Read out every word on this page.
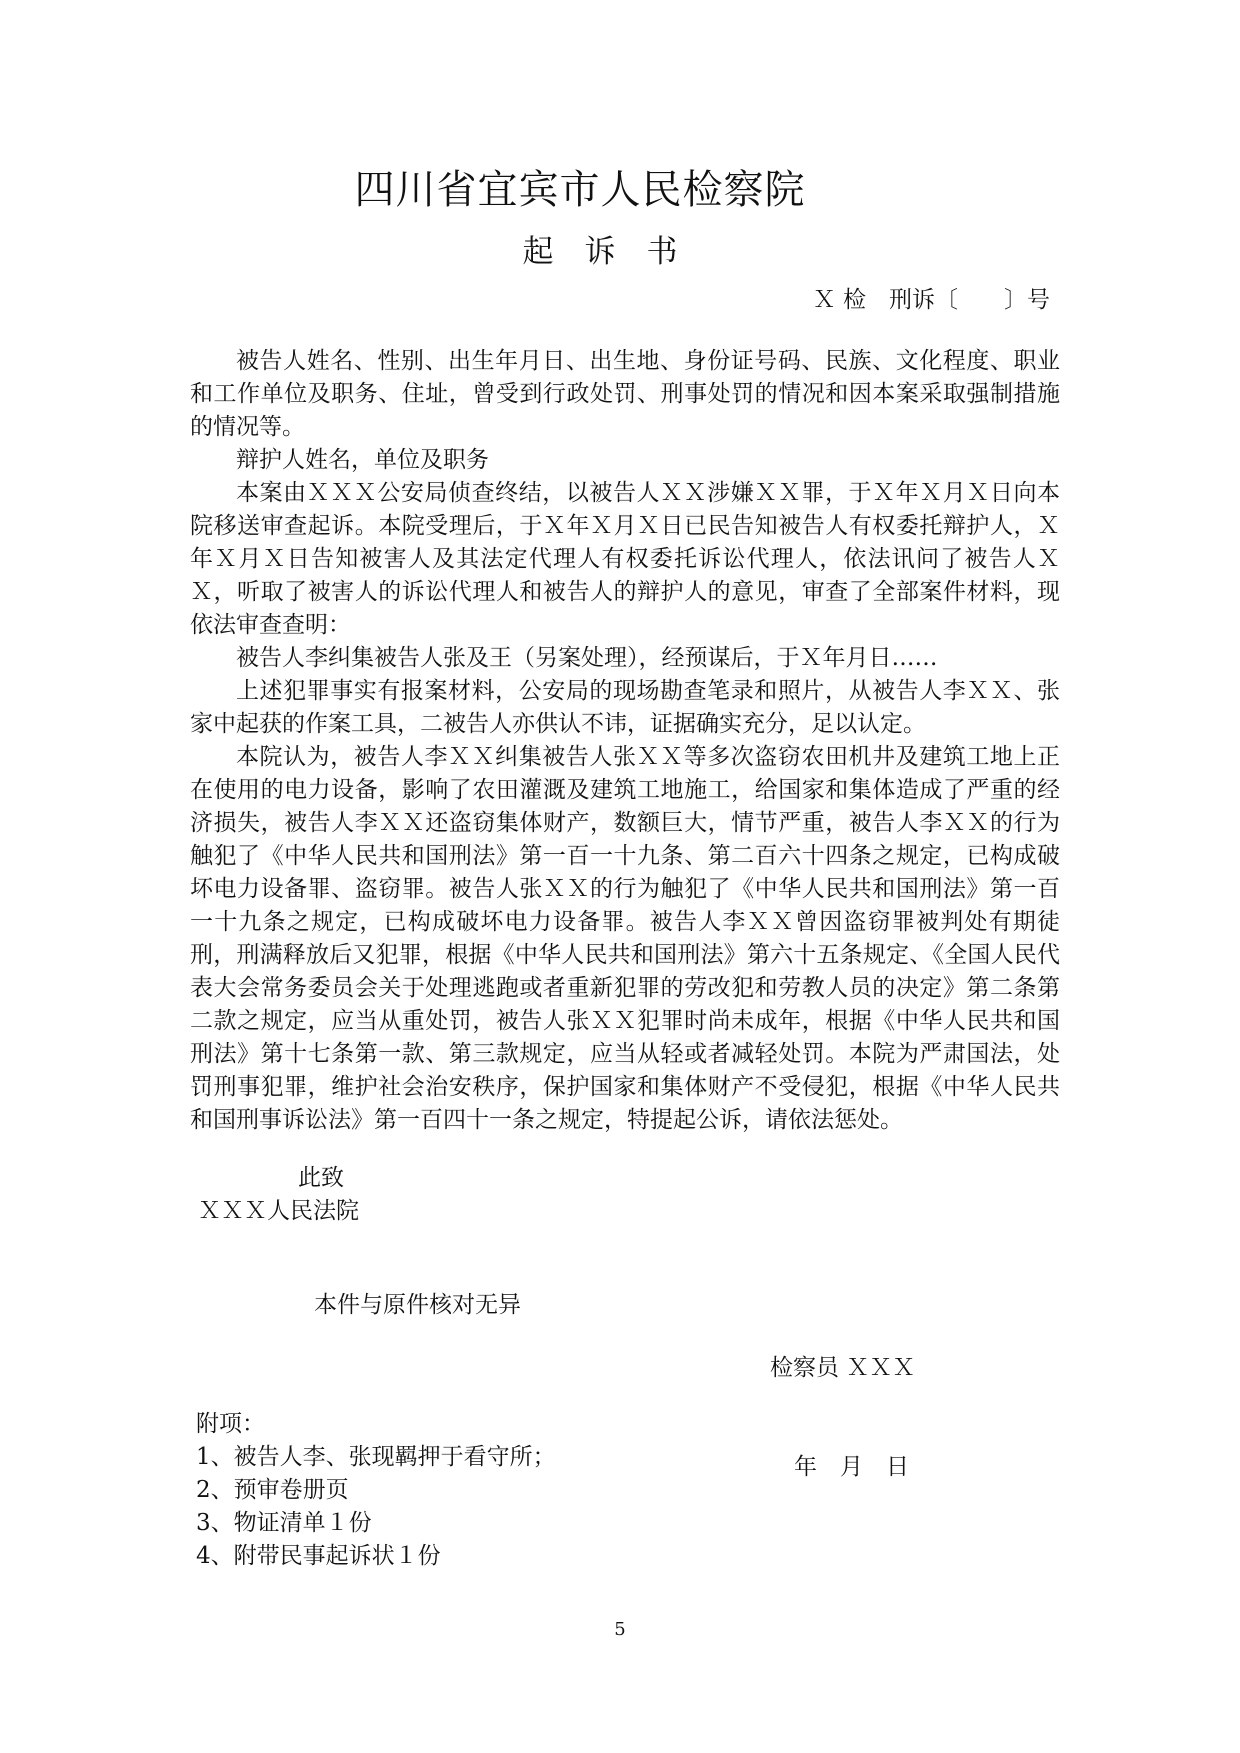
四川省宜宾市人民检察院
起　诉　书
Ｘ 检　刑诉〔　　〕号

被告人姓名、性别、出生年月日、出生地、身份证号码、民族、文化程度、职业和工作单位及职务、住址，曾受到行政处罚、刑事处罚的情况和因本案采取强制措施的情况等。

辩护人姓名，单位及职务

本案由ＸＸＸ公安局侦查终结，以被告人ＸＸ涉嫌ＸＸ罪，于Ｘ年Ｘ月Ｘ日向本院移送审查起诉。本院受理后，于Ｘ年Ｘ月Ｘ日已民告知被告人有权委托辩护人，Ｘ年Ｘ月Ｘ日告知被害人及其法定代理人有权委托诉讼代理人，依法讯问了被告人ＸＸ，听取了被害人的诉讼代理人和被告人的辩护人的意见，审查了全部案件材料，现依法审查查明：

被告人李纠集被告人张及王（另案处理），经预谋后，于Ｘ年月日……

上述犯罪事实有报案材料，公安局的现场勘查笔录和照片，从被告人李ＸＸ、张家中起获的作案工具，二被告人亦供认不讳，证据确实充分，足以认定。

本院认为，被告人李ＸＸ纠集被告人张ＸＸ等多次盗窃农田机井及建筑工地上正在使用的电力设备，影响了农田灌溉及建筑工地施工，给国家和集体造成了严重的经济损失，被告人李ＸＸ还盗窃集体财产，数额巨大，情节严重，被告人李ＸＸ的行为触犯了《中华人民共和国刑法》第一百一十九条、第二百六十四条之规定，已构成破坏电力设备罪、盗窃罪。被告人张ＸＸ的行为触犯了《中华人民共和国刑法》第一百一十九条之规定，已构成破坏电力设备罪。被告人李ＸＸ曾因盗窃罪被判处有期徒刑，刑满释放后又犯罪，根据《中华人民共和国刑法》第六十五条规定、《全国人民代表大会常务委员会关于处理逃跑或者重新犯罪的劳改犯和劳教人员的决定》第二条第二款之规定，应当从重处罚，被告人张ＸＸ犯罪时尚未成年，根据《中华人民共和国刑法》第十七条第一款、第三款规定，应当从轻或者减轻处罚。本院为严肃国法，处罚刑事犯罪，维护社会治安秩序，保护国家和集体财产不受侵犯，根据《中华人民共和国刑事诉讼法》第一百四十一条之规定，特提起公诉，请依法惩处。

此致
ＸＸＸ人民法院
本件与原件核对无异

检察员 ＸＸＸ

年　月　日

附项：
1、被告人李、张现羁押于看守所；
2、预审卷册页
3、物证清单１份
4、附带民事起诉状１份
5
